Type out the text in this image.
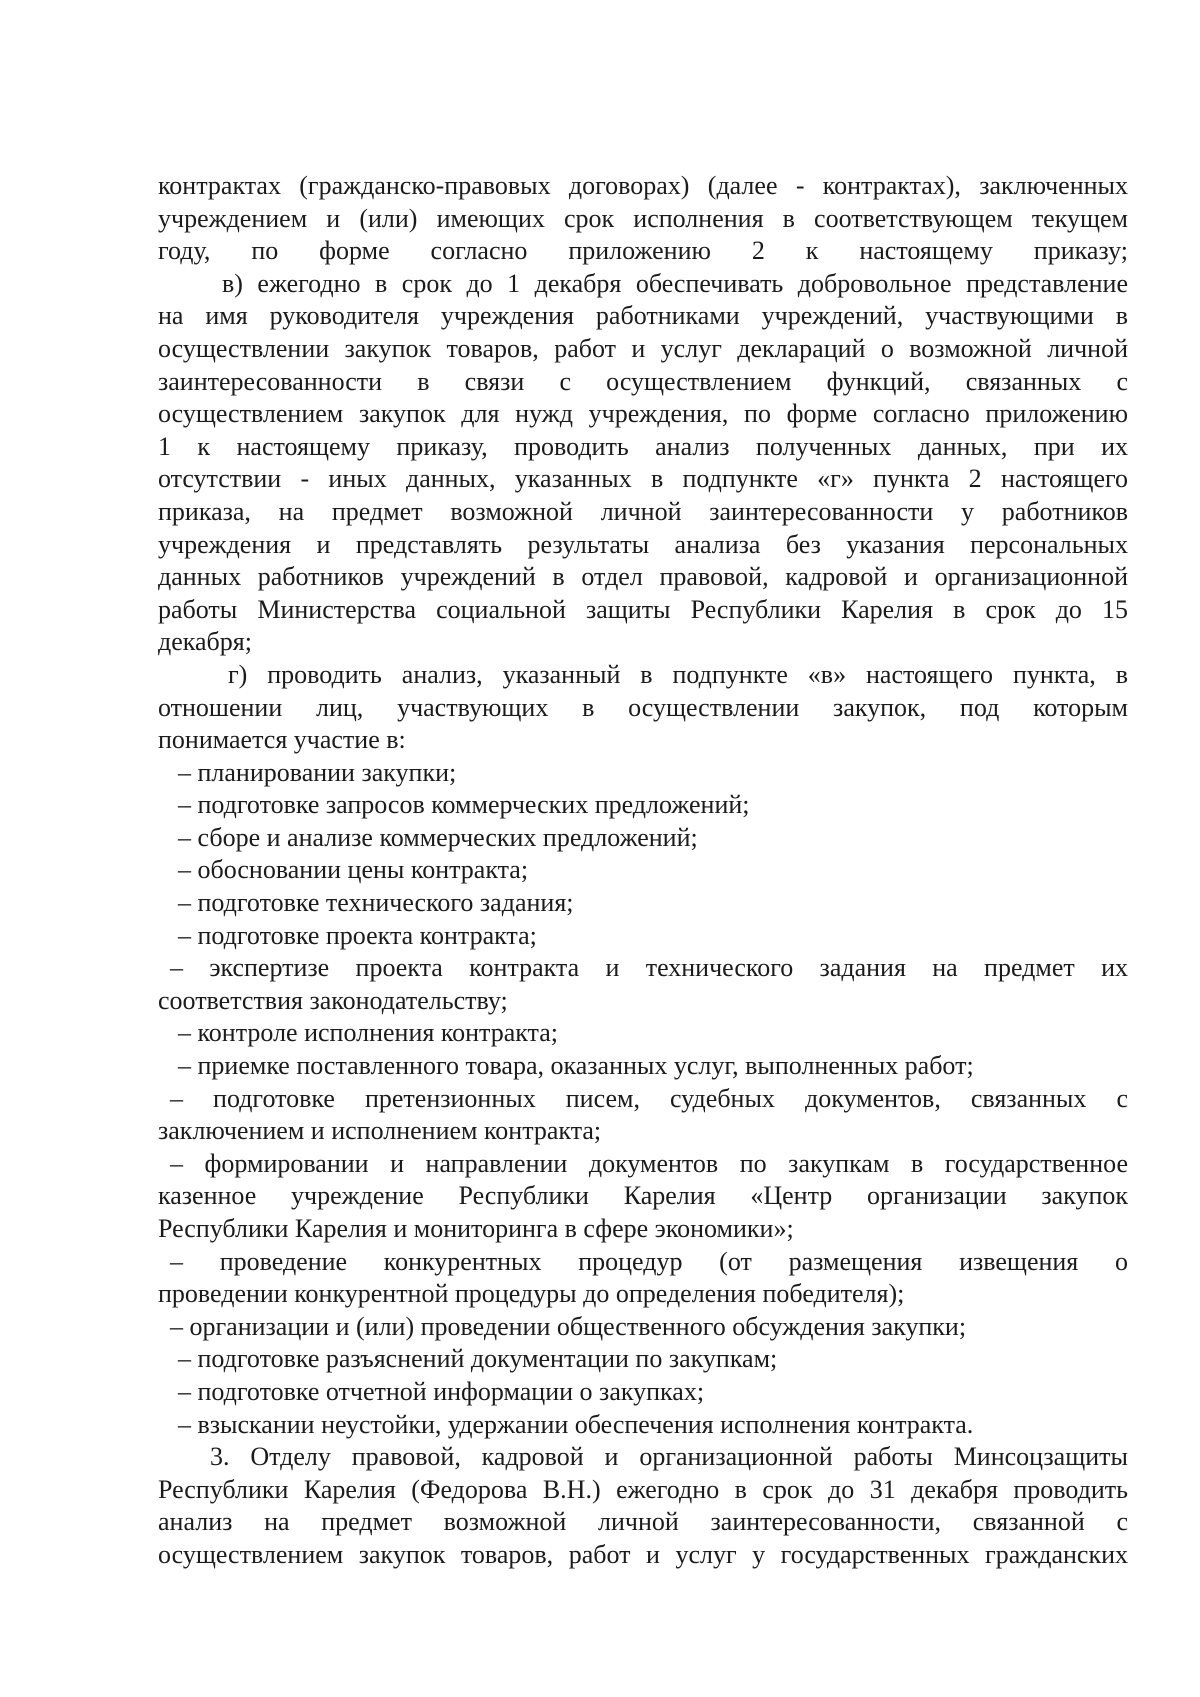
контрактах (гражданско-правовых договорах) (далее - контрактах), заключенных
учреждением и (или) имеющих срок исполнения в соответствующем текущем
году, по форме согласно приложению 2 к настоящему приказу;
в) ежегодно в срок до 1 декабря обеспечивать добровольное представление
на имя руководителя учреждения работниками учреждений, участвующими в
осуществлении закупок товаров, работ и услуг деклараций о возможной личной
заинтересованности в связи с осуществлением функций, связанных с
осуществлением закупок для нужд учреждения, по форме согласно приложению
1 к настоящему приказу, проводить анализ полученных данных, при их
отсутствии - иных данных, указанных в подпункте «г» пункта 2 настоящего
приказа, на предмет возможной личной заинтересованности у работников
учреждения и представлять результаты анализа без указания персональных
данных работников учреждений в отдел правовой, кадровой и организационной
работы Министерства социальной защиты Республики Карелия в срок до 15
декабря;
г) проводить анализ, указанный в подпункте «в» настоящего пункта, в
отношении лиц, участвующих в осуществлении закупок, под которым
понимается участие в:
– планировании закупки;
– подготовке запросов коммерческих предложений;
– сборе и анализе коммерческих предложений;
– обосновании цены контракта;
– подготовке технического задания;
– подготовке проекта контракта;
– экспертизе проекта контракта и технического задания на предмет их
соответствия законодательству;
– контроле исполнения контракта;
– приемке поставленного товара, оказанных услуг, выполненных работ;
– подготовке претензионных писем, судебных документов, связанных с
заключением и исполнением контракта;
– формировании и направлении документов по закупкам в государственное
казенное учреждение Республики Карелия «Центр организации закупок
Республики Карелия и мониторинга в сфере экономики»;
– проведение конкурентных процедур (от размещения извещения о
проведении конкурентной процедуры до определения победителя);
– организации и (или) проведении общественного обсуждения закупки;
– подготовке разъяснений документации по закупкам;
– подготовке отчетной информации о закупках;
– взыскании неустойки, удержании обеспечения исполнения контракта.
3. Отделу правовой, кадровой и организационной работы Минсоцзащиты
Республики Карелия (Федорова В.Н.) ежегодно в срок до 31 декабря проводить
анализ на предмет возможной личной заинтересованности, связанной с
осуществлением закупок товаров, работ и услуг у государственных гражданских
